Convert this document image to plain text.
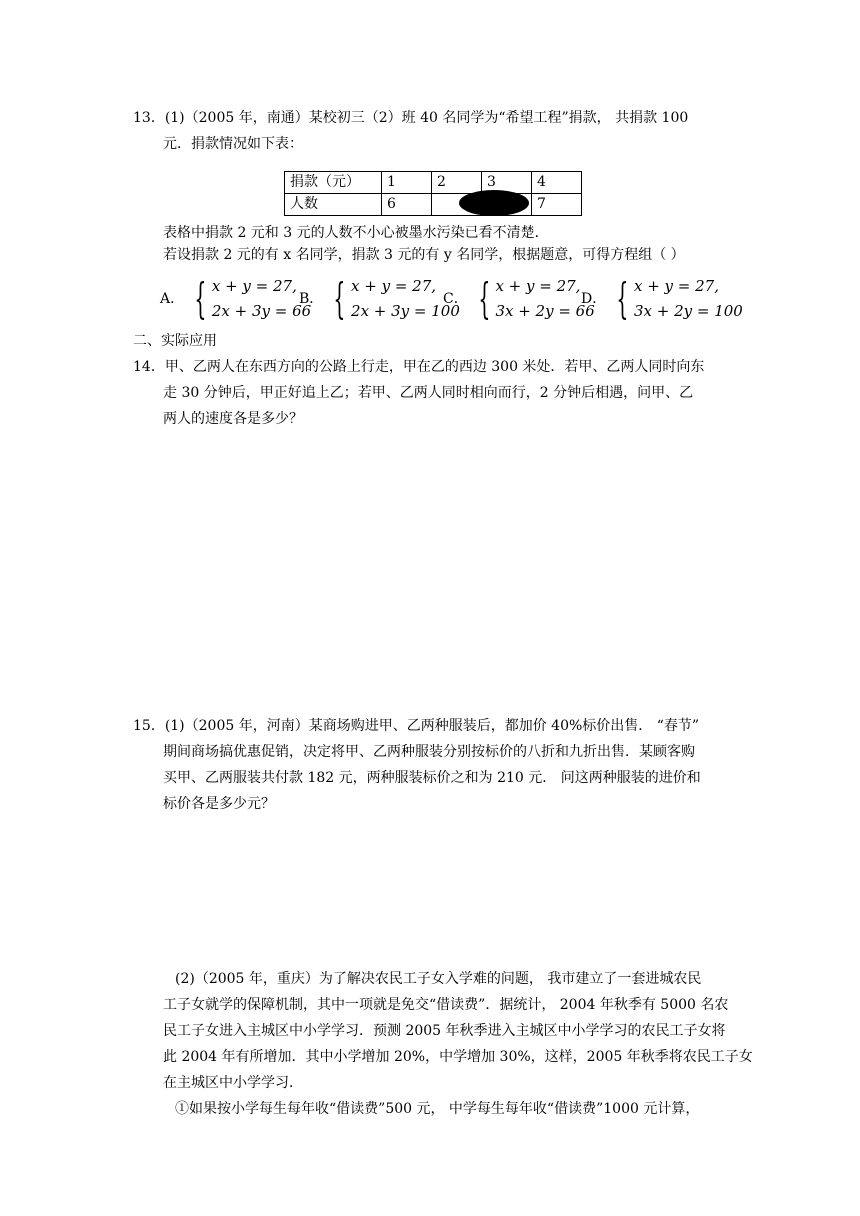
13．(1)（2005 年，南通）某校初三（2）班 40 名同学为“希望工程”捐款， 共捐款 100
元．捐款情况如下表：
捐款（元）	1	2	3	4
人数	6			7
表格中捐款 2 元和 3 元的人数不小心被墨水污染已看不清楚．
若设捐款 2 元的有 x 名同学，捐款 3 元的有 y 名同学，根据题意，可得方程组（ ）
A． { x + y = 27,
2x + 3y = 66
B． { x + y = 27,
2x + 3y = 100
C． { x + y = 27,
3x + 2y = 66
D． { x + y = 27,
3x + 2y = 100
二、实际应用
14．甲、乙两人在东西方向的公路上行走，甲在乙的西边 300 米处．若甲、乙两人同时向东
走 30 分钟后，甲正好追上乙；若甲、乙两人同时相向而行，2 分钟后相遇，问甲、乙
两人的速度各是多少？
15．(1)（2005 年，河南）某商场购进甲、乙两种服装后，都加价 40%标价出售． “春节”
期间商场搞优惠促销，决定将甲、乙两种服装分别按标价的八折和九折出售．某顾客购
买甲、乙两服装共付款 182 元，两种服装标价之和为 210 元． 问这两种服装的进价和
标价各是多少元？
(2)（2005 年，重庆）为了解决农民工子女入学难的问题， 我市建立了一套进城农民
工子女就学的保障机制，其中一项就是免交“借读费”．据统计， 2004 年秋季有 5000 名农
民工子女进入主城区中小学学习．预测 2005 年秋季进入主城区中小学学习的农民工子女将
此 2004 年有所增加．其中小学增加 20%，中学增加 30%，这样，2005 年秋季将农民工子女
在主城区中小学学习．
①如果按小学每生每年收“借读费”500 元， 中学每生每年收“借读费”1000 元计算，
